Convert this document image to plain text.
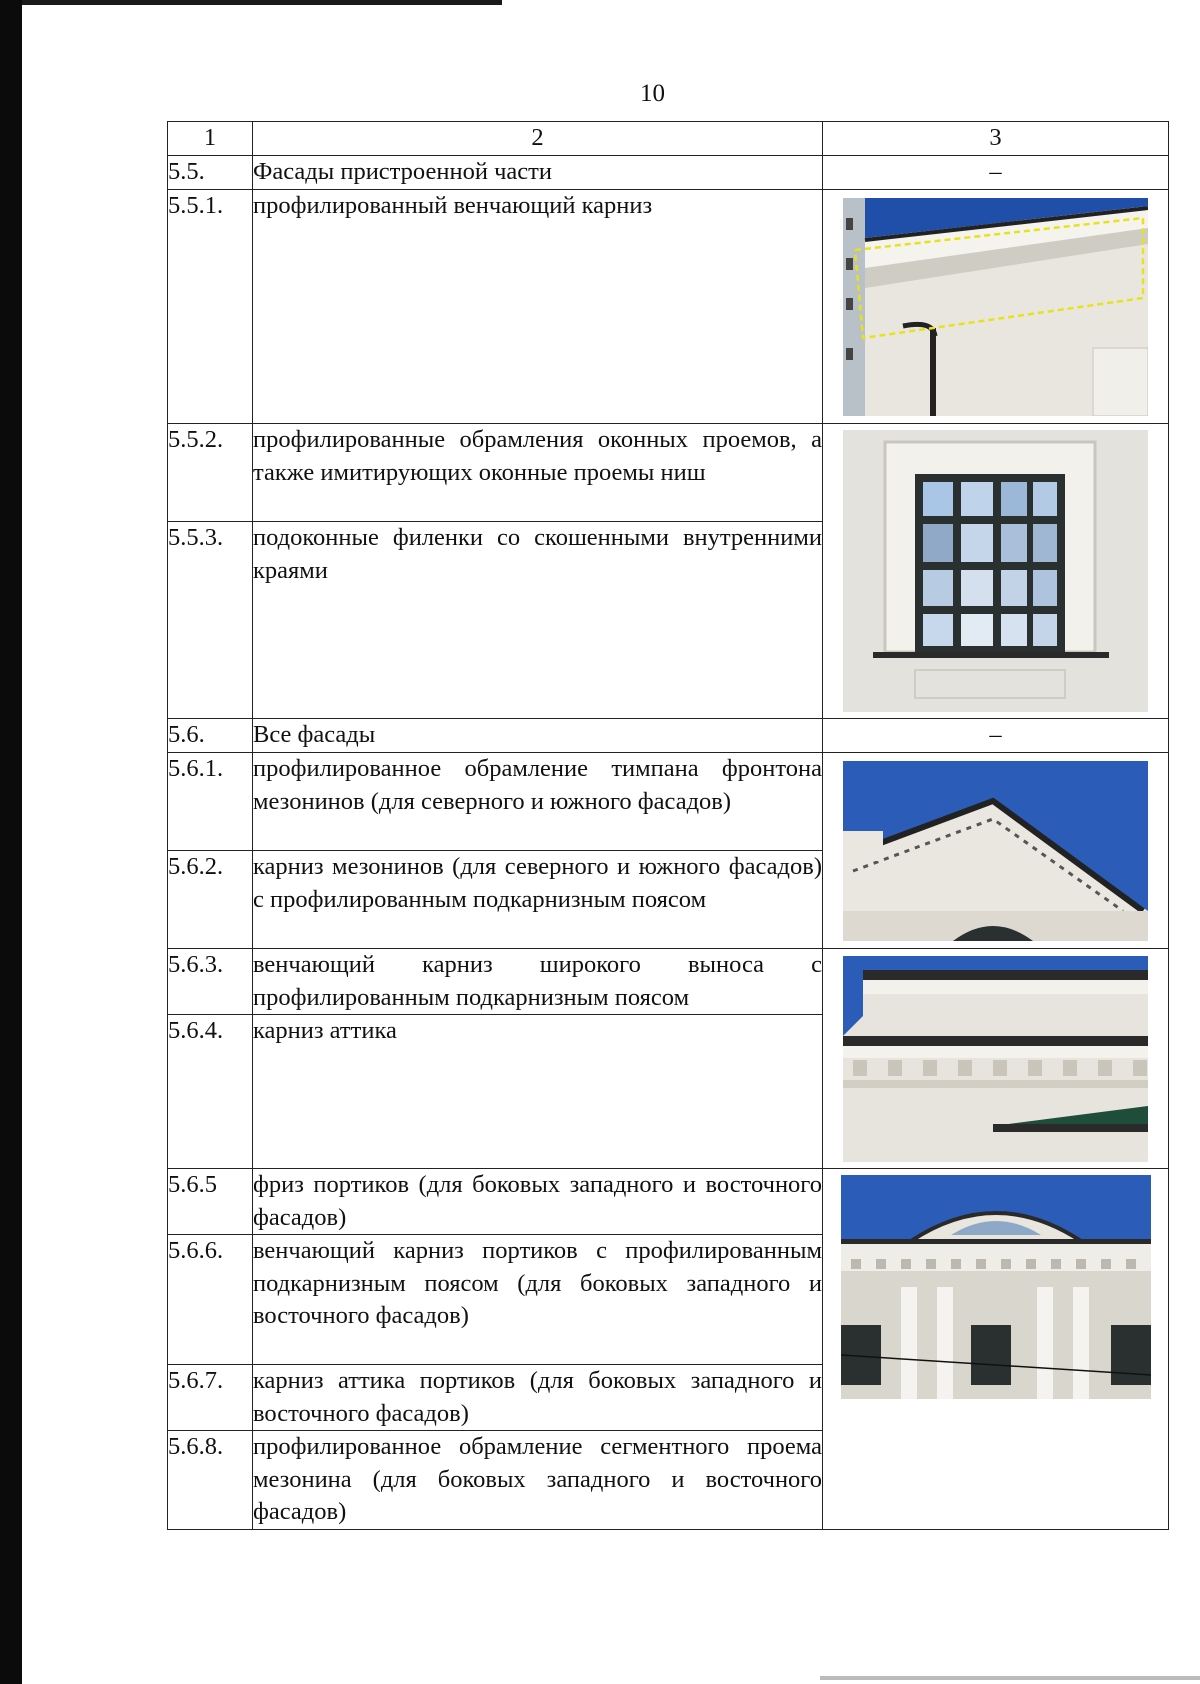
10
1	2	3
5.5.	Фасады пристроенной части	–
5.5.1.	профилированный венчающий карниз	

5.5.2.	профилированные обрамления оконных проемов, а также имитирующих оконные проемы ниш	

5.5.3.	подоконные филенки со скошенными внутренними краями	
5.6.	Все фасады	–
5.6.1.	профилированное обрамление тимпана фронтона мезонинов (для северного и южного фасадов)	

5.6.2.	карниз мезонинов (для северного и южного фасадов) с профилированным подкарнизным поясом	
5.6.3.	венчающий карниз широкого выноса с профилированным подкарнизным поясом	

5.6.4.	карниз аттика	
5.6.5	фриз портиков (для боковых западного и восточного фасадов)	

5.6.6.	венчающий карниз портиков с профилированным подкарнизным поясом (для боковых западного и восточного фасадов)	
5.6.7.	карниз аттика портиков (для боковых западного и восточного фасадов)	
5.6.8.	профилированное обрамление сегментного проема мезонина (для боковых западного и восточного фасадов)	
